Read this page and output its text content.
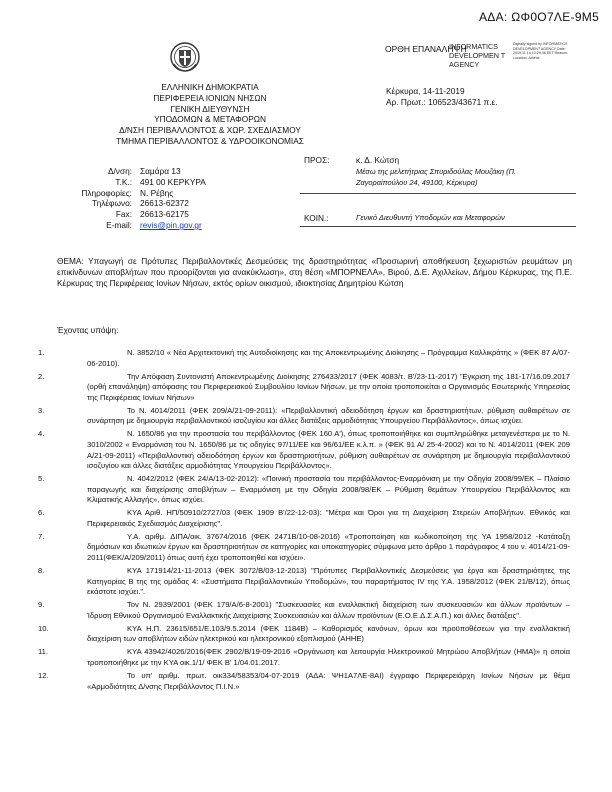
ΑΔΑ: ΩΦ0Ο7ΛΕ-9Μ5
ΟΡΘΗ ΕΠΑΝΑΛΗΨΗ
INFORMATICS DEVELOPMEN T AGENCY
Digitally signed by INFORMATICS DEVELOPMENT AGENCY Date: 2019.11.14 10:29:46 EET Reason: Location: Athens
ΕΛΛΗΝΙΚΗ ΔΗΜΟΚΡΑΤΙΑ
ΠΕΡΙΦΕΡΕΙΑ ΙΟΝΙΩΝ ΝΗΣΩΝ
ΓΕΝΙΚΗ ΔΙΕΥΘΥΝΣΗ
ΥΠΟΔΟΜΩΝ & ΜΕΤΑΦΟΡΩΝ
Δ/ΝΣΗ ΠΕΡΙΒΑΛΛΟΝΤΟΣ & ΧΩΡ. ΣΧΕΔΙΑΣΜΟΥ
ΤΜΗΜΑ ΠΕΡΙΒΑΛΛΟΝΤΟΣ & ΥΔΡΟΟΙΚΟΝΟΜΙΑΣ
Κέρκυρα, 14-11-2019
Αρ. Πρωτ.: 106523/43671 π.ε.
Δ/νση: Σαμάρα 13
Τ.Κ.: 491 00 ΚΕΡΚΥΡΑ
Πληροφορίες: Ν. Ρέβης
Τηλέφωνο: 26613-62372
Fax: 26613-62175
E-mail: revis@pin.gov.gr
ΠΡΟΣ:	κ. Δ. Κώτση
Μέσω της μελετήτριας Σπυριδούλας Μουζάκη (Π.
Ζαγοραίπούλου 24, 49100, Κέρκυρα)
ΚΟΙΝ.:	Γενικό Διευθυντή Υποδομών και Μεταφορών
ΘΕΜΑ: Υπαγωγή σε Πρότυπες Περιβαλλοντικές Δεσμεύσεις της δραστηριότητας «Προσωρινή αποθήκευση ξεχωριστών ρευμάτων μη επικίνδυνων αποβλήτων που προορίζονται για ανακύκλωση», στη θέση «ΜΠΟΡΝΕΛΑ», Βιρού, Δ.Ε. Αχιλλείων, Δήμου Κέρκυρας, της Π.Ε. Κέρκυρας της Περιφέρειας Ιονίων Νήσων, εκτός ορίων οικισμού, ιδιοκτησίας Δημητρίου Κώτση
Έχοντας υπόψη:
1.	Ν. 3852/10 « Νέα Αρχιτεκτονική της Αυτοδιοίκησης και της Αποκεντρωμένης Διοίκησης – Πρόγραμμα Καλλικράτης » (ΦΕΚ 87 Α/07-06-2010).
2.	Την Απόφαση Συντονιστή Αποκεντρωμένης Διοίκησης 276433/2017 (ΦΕΚ 4083/τ. Β'/23-11-2017) 'Έγκριση της 181-17/16.09.2017 (ορθή επανάληψη) απόφασης του Περιφερειακού Συμβουλίου Ιονίων Νήσων, με την οποία τροποποιείται ο Οργανισμός Εσωτερικής Υπηρεσίας της Περιφέρειας Ιονίων Νήσων»
3.	Το Ν. 4014/2011 (ΦΕΚ 209/Α/21-09-2011): «Περιβαλλοντική αδειοδότηση έργων και δραστηριοτήτων, ρύθμιση αυθαιρέτων σε συνάρτηση με δημιουργία περιβαλλοντικού ισοζυγίου και άλλες διατάξεις αρμοδιότητας Υπουργείου Περιβάλλοντος», όπως ισχύει.
4.	Ν. 1650/86 για την προστασία του περιβάλλοντος (ΦΕΚ 160 Α'), όπως τροποποιήθηκε και συμπληρώθηκε μεταγενέστερα με το Ν. 3010/2002 « Εναρμόνιση του Ν. 1650/86 με τις οδηγίες 97/11/ΕΕ και 96/61/ΕΕ κ.λ.π. » (ΦΕΚ 91 Α/ 25-4-2002) και το Ν. 4014/2011 (ΦΕΚ 209 Α/21-09-2011) «Περιβαλλοντική αδειοδότηση έργων και δραστηριοτήτων, ρύθμιση αυθαιρέτων σε συνάρτηση με δημιουργία περιβαλλοντικού ισοζυγίου και άλλες διατάξεις αρμοδιότητας Υπουργείου Περιβάλλοντος».
5.	Ν. 4042/2012 (ΦΕΚ 24/Α/13-02-2012): «Ποινική προστασία του περιβάλλοντος-Εναρμόνιση με την Οδηγία 2008/99/ΕΚ – Πλαίσιο παραγωγής και διαχείρισης αποβλήτων – Εναρμόνιση με την Οδηγία 2008/98/ΕΚ – Ρύθμιση θεμάτων Υπουργείου Περιβάλλοντος και Κλιματικής Αλλαγής», όπως ισχύει.
6.	ΚΥΑ Αριθ. ΗΠ/50910/2727/03 (ΦΕΚ 1909 Β'/22-12-03): "Μέτρα και Όροι για τη Διαχείριση Στερεών Αποβλήτων. Εθνικός και Περιφερειακός Σχεδιασμός Διαχείρισης".
7.	Υ.Α. αριθμ. ΔΙΠΑ/οικ. 37674/2016 (ΦΕΚ 2471Β/10-08-2016) «Τροποποίηση και κωδικοποίηση της ΥΑ 1958/2012 -Κατάταξη δημόσιων και ιδιωτικών έργων και δραστηριοτήτων σε κατηγορίες και υποκατηγορίες σύμφωνα μετο άρθρο 1 παράγραφος 4 του ν. 4014/21-09-2011(ΦΕΚ/Α/209/2011) όπως αυτή έχει τροποποιηθεί και ισχύει».
8.	ΚΥΑ 171914/21-11-2013 (ΦΕΚ 3072/Β/03-12-2013) "Πρότυπες Περιβαλλοντικές Δεσμεύσεις για έργα και δραστηριότητες της Κατηγορίας Β της της ομάδας 4: «Συστήματα Περιβαλλοντικών Υποδομών», του παραρτήματος IV της Υ.Α. 1958/2012 (ΦΕΚ 21/Β/12), όπως εκάστοτε ισχύει.".
9.	Τον Ν. 2939/2001 (ΦΕΚ 179/Α/6-8-2001) "Συσκευασίες και εναλλακτική διαχείριση των συσκευασιών και άλλων προϊόντων – Ίδρυση Εθνικού Οργανισμού Εναλλακτικής Διαχείρισης Συσκευασιών και άλλων προϊόντων (Ε.Ο.Ε.Δ.Σ.Α.Π.) και άλλες διατάξεις".
10.	ΚΥΑ Η.Π. 23615/651/Ε.103/9.5.2014 (ΦΕΚ 1184Β) – Καθορισμός κανόνων, όρων και προϋποθέσεων για την εναλλακτική διαχείριση των αποβλήτων ειδών ηλεκτρικού και ηλεκτρονικού εξοπλισμού (ΑΗΗΕ)
11.	ΚΥΑ 43942/4026/2016(ΦΕΚ 2902/Β/19-09-2016 «Οργάνωση και λειτουργία Ηλεκτρονικού Μητρώου Αποβλήτων (ΗΜΑ)» η οποία τροποποιήθηκε με την ΚΥΑ οικ.1/1/ ΦΕΚ Β' 1/04.01.2017.
12.	Το υπ' αριθμ. πρωτ. οικ334/58353/04-07-2019 (ΑΔΑ: ΨΗ1Α7ΛΕ-8ΑΙ) έγγραφο Περιφερειάρχη Ιονίων Νήσων με θέμα «Αρμοδιότητες Δ/νσης Περιβάλλοντος Π.Ι.Ν.»
